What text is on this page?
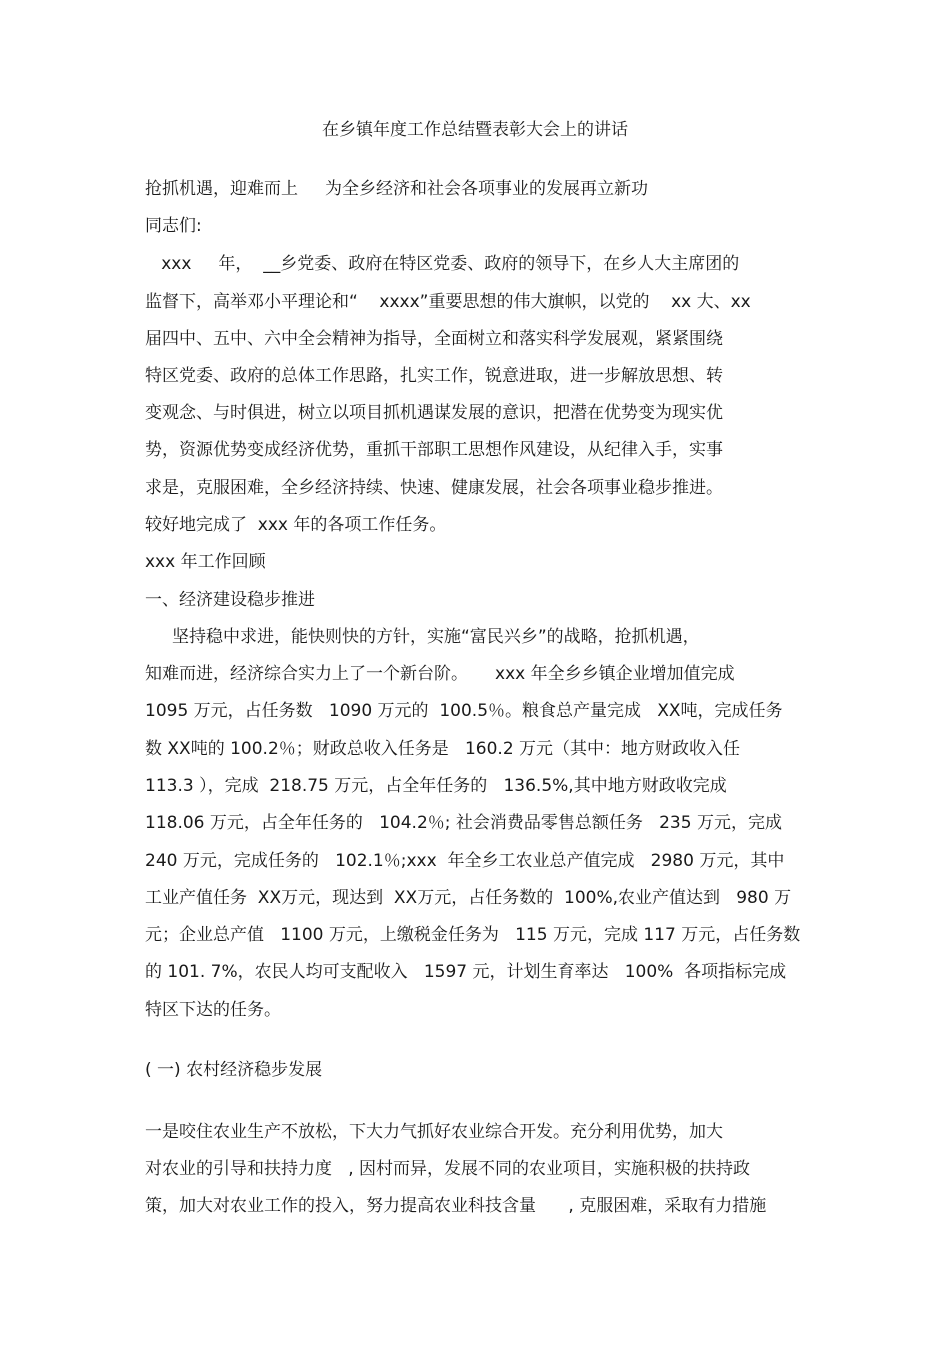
在乡镇年度工作总结暨表彰大会上的讲话
抢抓机遇，迎难而上     为全乡经济和社会各项事业的发展再立新功
同志们:
xxx     年，  __乡党委、政府在特区党委、政府的领导下，在乡人大主席团的
监督下，高举邓小平理论和“    xxxx”重要思想的伟大旗帜，以党的    xx 大、xx
届四中、五中、六中全会精神为指导，全面树立和落实科学发展观，紧紧围绕
特区党委、政府的总体工作思路，扎实工作，锐意进取，进一步解放思想、转
变观念、与时俱进，树立以项目抓机遇谋发展的意识，把潜在优势变为现实优
势，资源优势变成经济优势，重抓干部职工思想作风建设，从纪律入手，实事
求是，克服困难，全乡经济持续、快速、健康发展，社会各项事业稳步推进。
较好地完成了  xxx 年的各项工作任务。
xxx 年工作回顾
一、经济建设稳步推进
坚持稳中求进，能快则快的方针，实施“富民兴乡”的战略，抢抓机遇，
知难而进，经济综合实力上了一个新台阶。     xxx 年全乡乡镇企业增加值完成
1095 万元，占任务数   1090 万元的  100.5％。粮食总产量完成   XX吨，完成任务
数 XX吨的 100.2％；财政总收入任务是   160.2 万元（其中：地方财政收入任
113.3 ），完成  218.75 万元，占全年任务的   136.5%,其中地方财政收完成
118.06 万元，占全年任务的   104.2％; 社会消费品零售总额任务   235 万元，完成
240 万元，完成任务的   102.1％;xxx  年全乡工农业总产值完成   2980 万元，其中
工业产值任务  XX万元，现达到  XX万元，占任务数的  100%,农业产值达到   980 万
元；企业总产值   1100 万元，上缴税金任务为   115 万元，完成 117 万元，占任务数
的 101. 7%，农民人均可支配收入   1597 元，计划生育率达   100%  各项指标完成
特区下达的任务。
( 一) 农村经济稳步发展
一是咬住农业生产不放松，下大力气抓好农业综合开发。充分利用优势，加大
对农业的引导和扶持力度   , 因村而异，发展不同的农业项目，实施积极的扶持政
策，加大对农业工作的投入，努力提高农业科技含量      , 克服困难，采取有力措施
